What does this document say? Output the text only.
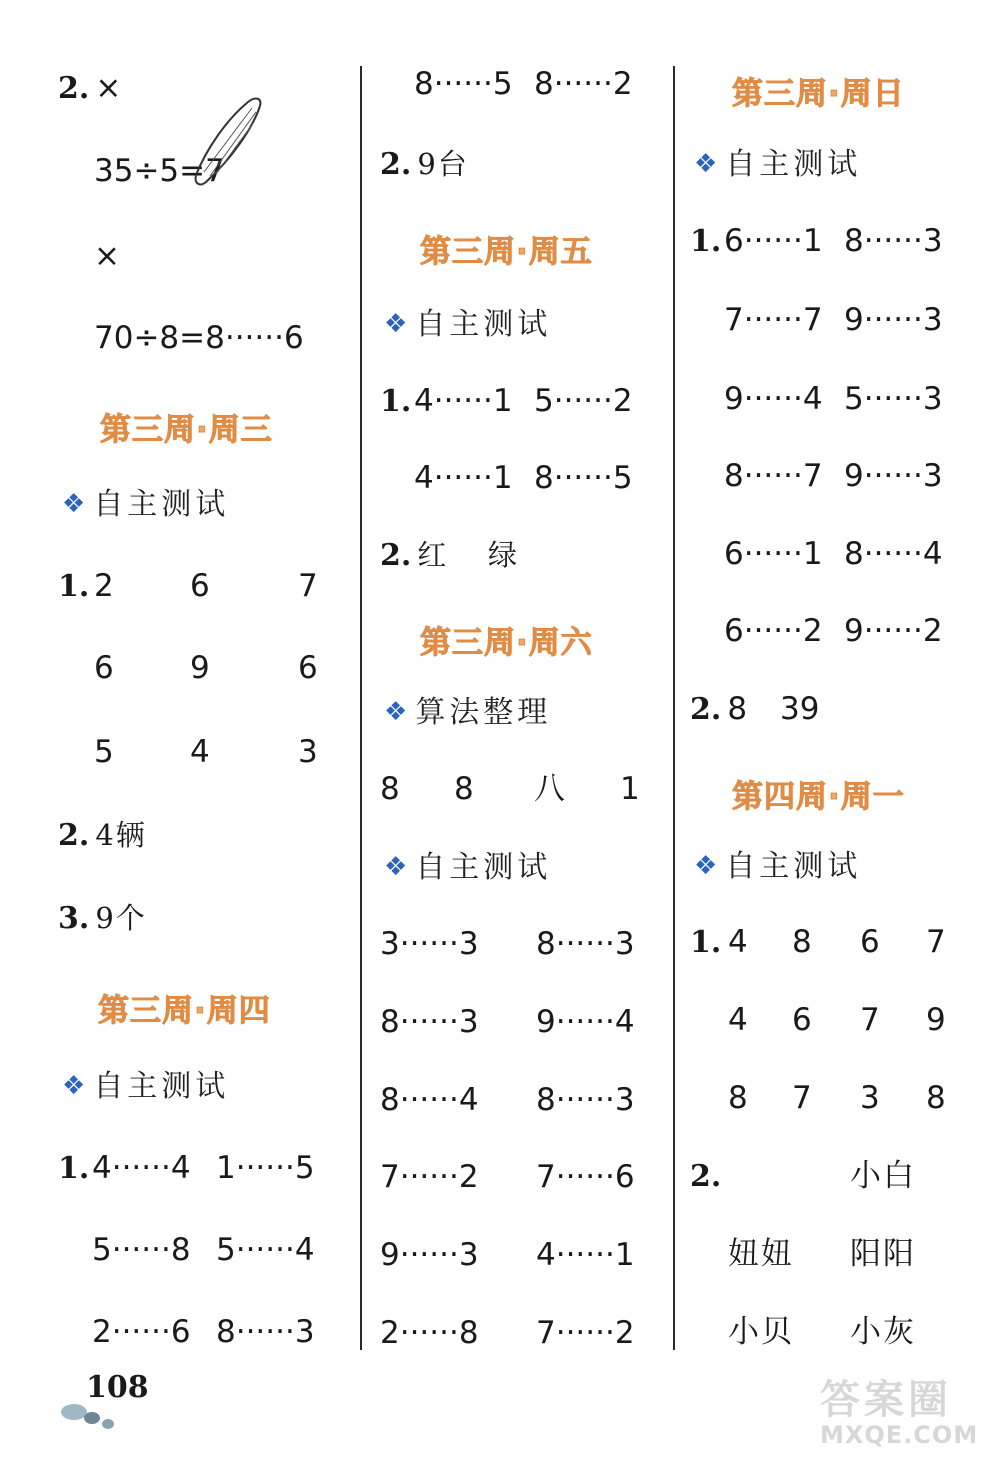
2. ×
35÷5=7
×
70÷8=8······6
第三周·周三
❖ 自主测试
1. 2 6	7
6 9	6
5 4	3
2. 4辆
3. 9个
第三周·周四
❖ 自主测试
1. 4······4 1······5
5······8 5······4
2······6 8······3
8······5 8······2
2. 9台
第三周·周五
❖ 自主测试
1. 4······1 5······2
4······1 8······5
2. 红 绿
第三周·周六
❖ 算法整理
8 8 八 1
❖ 自主测试
3······3 8······3
8······3 9······4
8······4 8······3
7······2 7······6
9······3 4······1
2······8 7······2
第三周·周日
❖ 自主测试
1. 6······1 8······3
7······7 9······3
9······4 5······3
8······7 9······3
6······1 8······4
6······2 9······2
2. 8 39
第四周·周一
❖ 自主测试
1. 4 8 6 7
4 6 7 9
8 7 3 8
2.	小白
妞妞 阳阳
小贝 小灰
108	答案圈
MXQE.COM
